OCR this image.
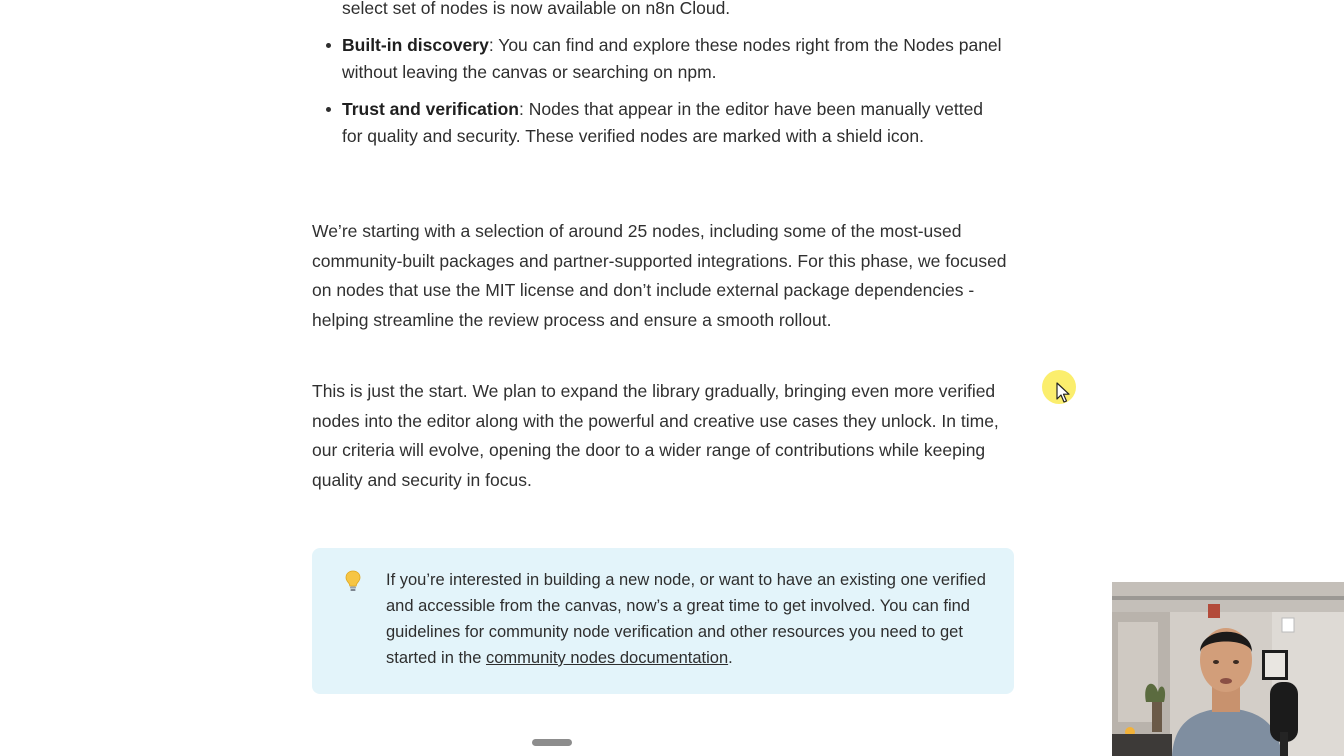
select set of nodes is now available on n8n Cloud.
Built-in discovery: You can find and explore these nodes right from the Nodes panel without leaving the canvas or searching on npm.
Trust and verification: Nodes that appear in the editor have been manually vetted for quality and security. These verified nodes are marked with a shield icon.

We’re starting with a selection of around 25 nodes, including some of the most-used community-built packages and partner-supported integrations. For this phase, we focused on nodes that use the MIT license and don’t include external package dependencies - helping streamline the review process and ensure a smooth rollout.

This is just the start. We plan to expand the library gradually, bringing even more verified nodes into the editor along with the powerful and creative use cases they unlock. In time, our criteria will evolve, opening the door to a wider range of contributions while keeping quality and security in focus.

If you’re interested in building a new node, or want to have an existing one verified and accessible from the canvas, now’s a great time to get involved. You can find guidelines for community node verification and other resources you need to get started in the community nodes documentation.
